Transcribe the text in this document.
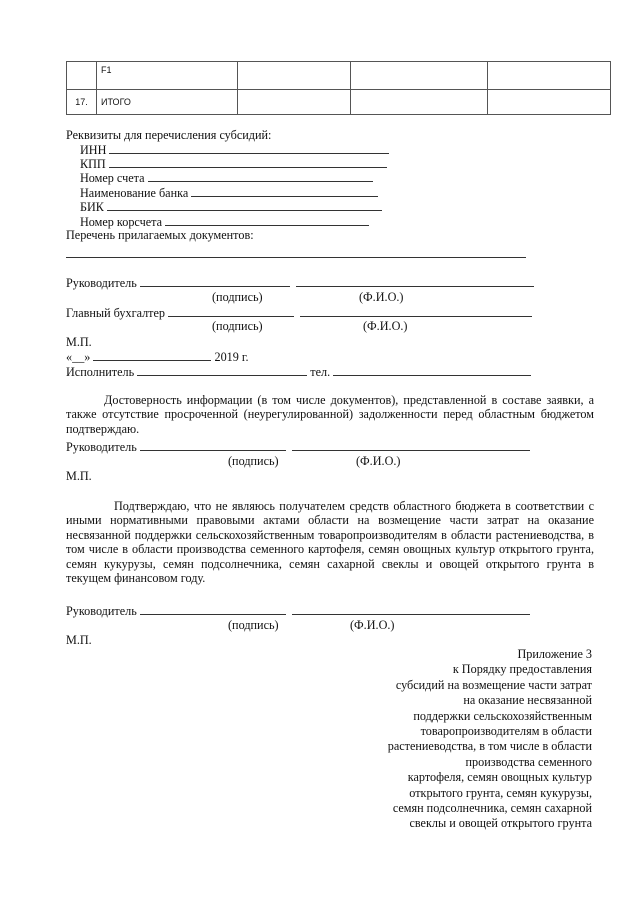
	F1			
17.	ИТОГО			
Реквизиты для перечисления субсидий:
ИНН
КПП
Номер счета
Наименование банка
БИК
Номер корсчета
Перечень прилагаемых документов:
Руководитель
(подпись)	(Ф.И.О.)
Главный бухгалтер
(подпись)	(Ф.И.О.)
М.П.
«__»	2019 г.
Исполнитель	тел.
Достоверность информации (в том числе документов), представленной в составе заявки, а также отсутствие просроченной (неурегулированной) задолженности перед областным бюджетом подтверждаю.
Руководитель
(подпись)	(Ф.И.О.)
М.П.
Подтверждаю, что не являюсь получателем средств областного бюджета в соответствии с иными нормативными правовыми актами области на возмещение части затрат на оказание несвязанной поддержки сельскохозяйственным товаропроизводителям в области растениеводства, в том числе в области производства семенного картофеля, семян овощных культур открытого грунта, семян кукурузы, семян подсолнечника, семян сахарной свеклы и овощей открытого грунта в текущем финансовом году.
Руководитель
(подпись)	(Ф.И.О.)
М.П.
Приложение 3
к Порядку предоставления
субсидий на возмещение части затрат
на оказание несвязанной
поддержки сельскохозяйственным
товаропроизводителям в области
растениеводства, в том числе в области
производства семенного
картофеля, семян овощных культур
открытого грунта, семян кукурузы,
семян подсолнечника, семян сахарной
свеклы и овощей открытого грунта
